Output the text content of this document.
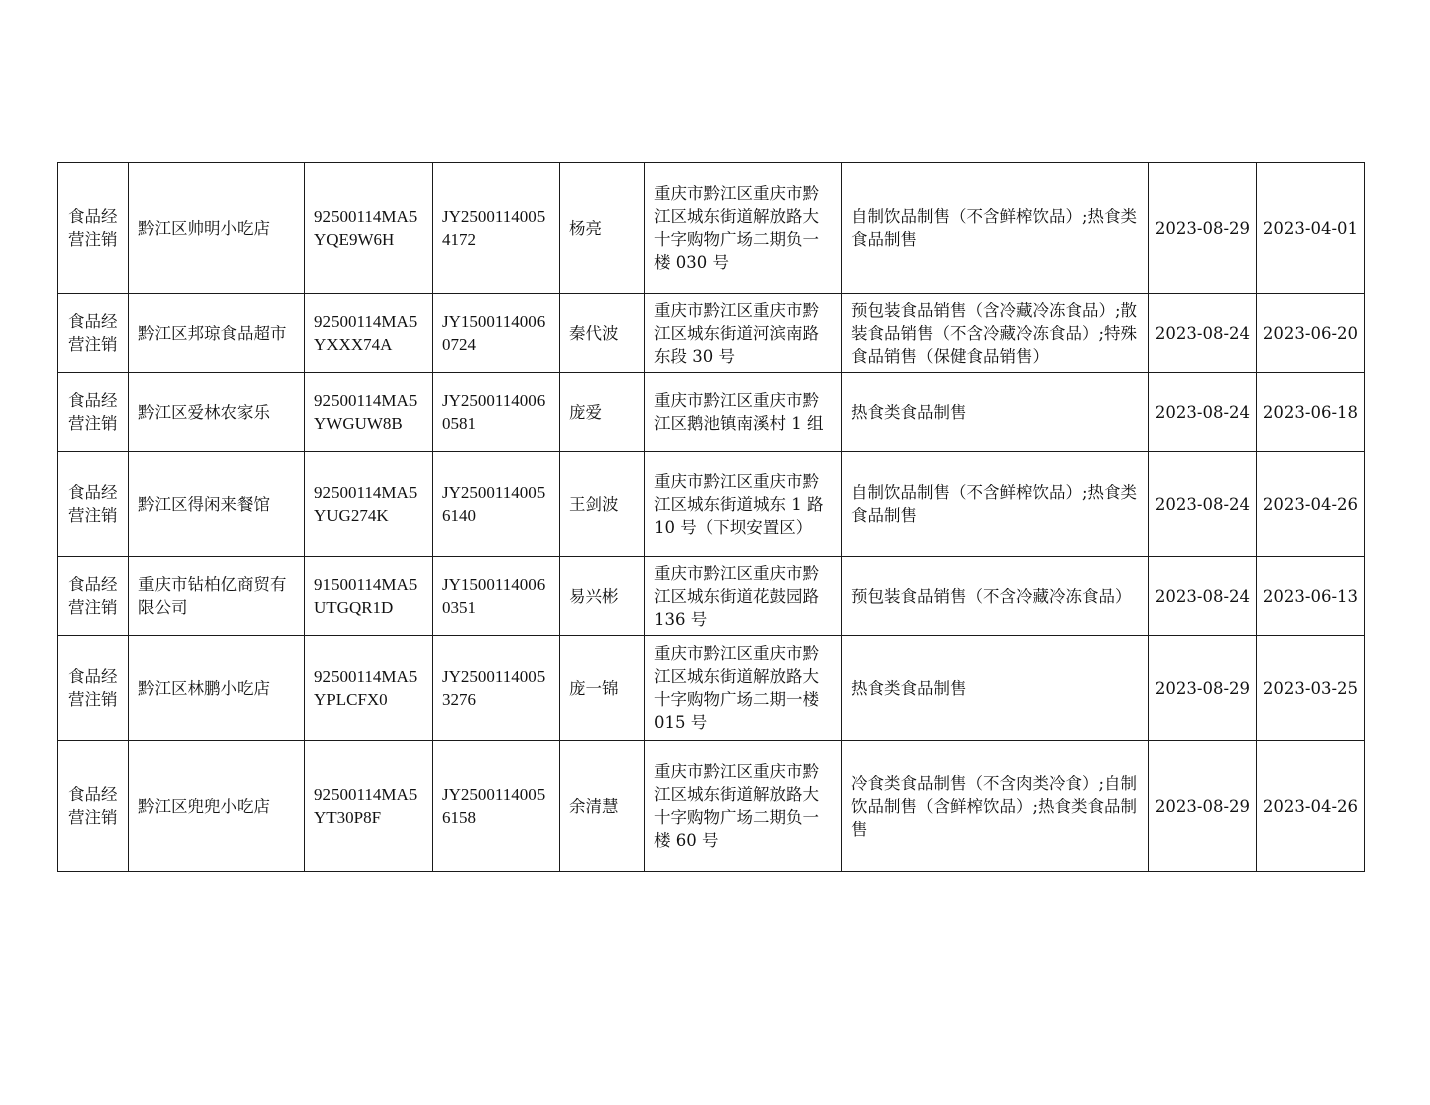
食品经营注销	黔江区帅明小吃店	92500114MA5YQE9W6H	JY25001140054172	杨亮	重庆市黔江区重庆市黔江区城东街道解放路大十字购物广场二期负一楼 030 号	自制饮品制售（不含鲜榨饮品）;热食类食品制售	2023-08-29	2023-04-01
食品经营注销	黔江区邦琼食品超市	92500114MA5YXXX74A	JY15001140060724	秦代波	重庆市黔江区重庆市黔江区城东街道河滨南路东段 30 号	预包装食品销售（含冷藏冷冻食品）;散装食品销售（不含冷藏冷冻食品）;特殊食品销售（保健食品销售）	2023-08-24	2023-06-20
食品经营注销	黔江区爱林农家乐	92500114MA5YWGUW8B	JY25001140060581	庞爱	重庆市黔江区重庆市黔江区鹅池镇南溪村 1 组	热食类食品制售	2023-08-24	2023-06-18
食品经营注销	黔江区得闲来餐馆	92500114MA5YUG274K	JY25001140056140	王剑波	重庆市黔江区重庆市黔江区城东街道城东 1 路 10 号（下坝安置区）	自制饮品制售（不含鲜榨饮品）;热食类食品制售	2023-08-24	2023-04-26
食品经营注销	重庆市钻柏亿商贸有限公司	91500114MA5UTGQR1D	JY15001140060351	易兴彬	重庆市黔江区重庆市黔江区城东街道花鼓园路 136 号	预包装食品销售（不含冷藏冷冻食品）	2023-08-24	2023-06-13
食品经营注销	黔江区林鹏小吃店	92500114MA5YPLCFX0	JY25001140053276	庞一锦	重庆市黔江区重庆市黔江区城东街道解放路大十字购物广场二期一楼 015 号	热食类食品制售	2023-08-29	2023-03-25
食品经营注销	黔江区兜兜小吃店	92500114MA5YT30P8F	JY25001140056158	余清慧	重庆市黔江区重庆市黔江区城东街道解放路大十字购物广场二期负一楼 60 号	冷食类食品制售（不含肉类冷食）;自制饮品制售（含鲜榨饮品）;热食类食品制售	2023-08-29	2023-04-26
